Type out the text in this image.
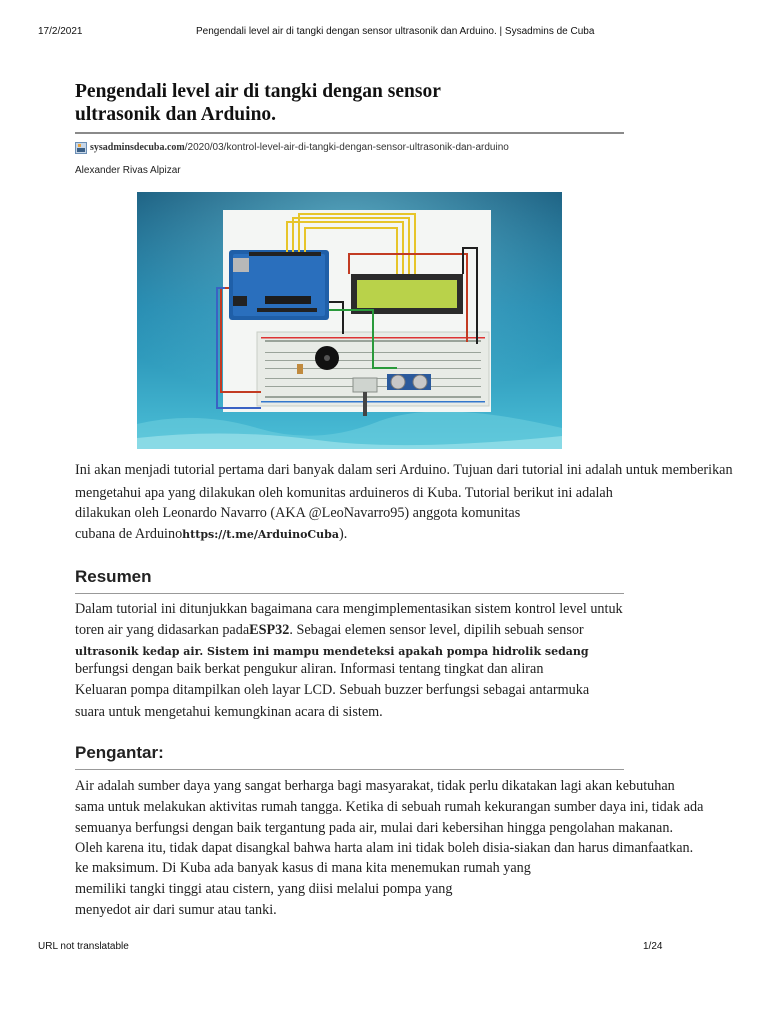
17/2/2021	Pengendali level air di tangki dengan sensor ultrasonik dan Arduino. | Sysadmins de Cuba
Pengendali level air di tangki dengan sensor
ultrasonik dan Arduino.
sysadminsdecuba.com /2020/03/kontrol-level-air-di-tangki-dengan-sensor-ultrasonik-dan-arduino
Alexander Rivas Alpizar

Ini akan menjadi tutorial pertama dari banyak dalam seri Arduino. Tujuan dari tutorial ini adalah untuk memberikan

mengetahui apa yang dilakukan oleh komunitas arduineros di Kuba. Tutorial berikut ini adalah

dilakukan oleh Leonardo Navarro (AKA @LeoNavarro95) anggota komunitas

cubana de Arduinohttps://t.me/ArduinoCuba).

Resumen

Dalam tutorial ini ditunjukkan bagaimana cara mengimplementasikan sistem kontrol level untuk

toren air yang didasarkan padaESP32. Sebagai elemen sensor level, dipilih sebuah sensor

ultrasonik kedap air. Sistem ini mampu mendeteksi apakah pompa hidrolik sedang

berfungsi dengan baik berkat pengukur aliran. Informasi tentang tingkat dan aliran

Keluaran pompa ditampilkan oleh layar LCD. Sebuah buzzer berfungsi sebagai antarmuka

suara untuk mengetahui kemungkinan acara di sistem.

Pengantar:

Air adalah sumber daya yang sangat berharga bagi masyarakat, tidak perlu dikatakan lagi akan kebutuhan

sama untuk melakukan aktivitas rumah tangga. Ketika di sebuah rumah kekurangan sumber daya ini, tidak ada

semuanya berfungsi dengan baik tergantung pada air, mulai dari kebersihan hingga pengolahan makanan.

Oleh karena itu, tidak dapat disangkal bahwa harta alam ini tidak boleh disia-siakan dan harus dimanfaatkan.

ke maksimum. Di Kuba ada banyak kasus di mana kita menemukan rumah yang

memiliki tangki tinggi atau cistern, yang diisi melalui pompa yang

menyedot air dari sumur atau tanki.

URL not translatable	1/24
